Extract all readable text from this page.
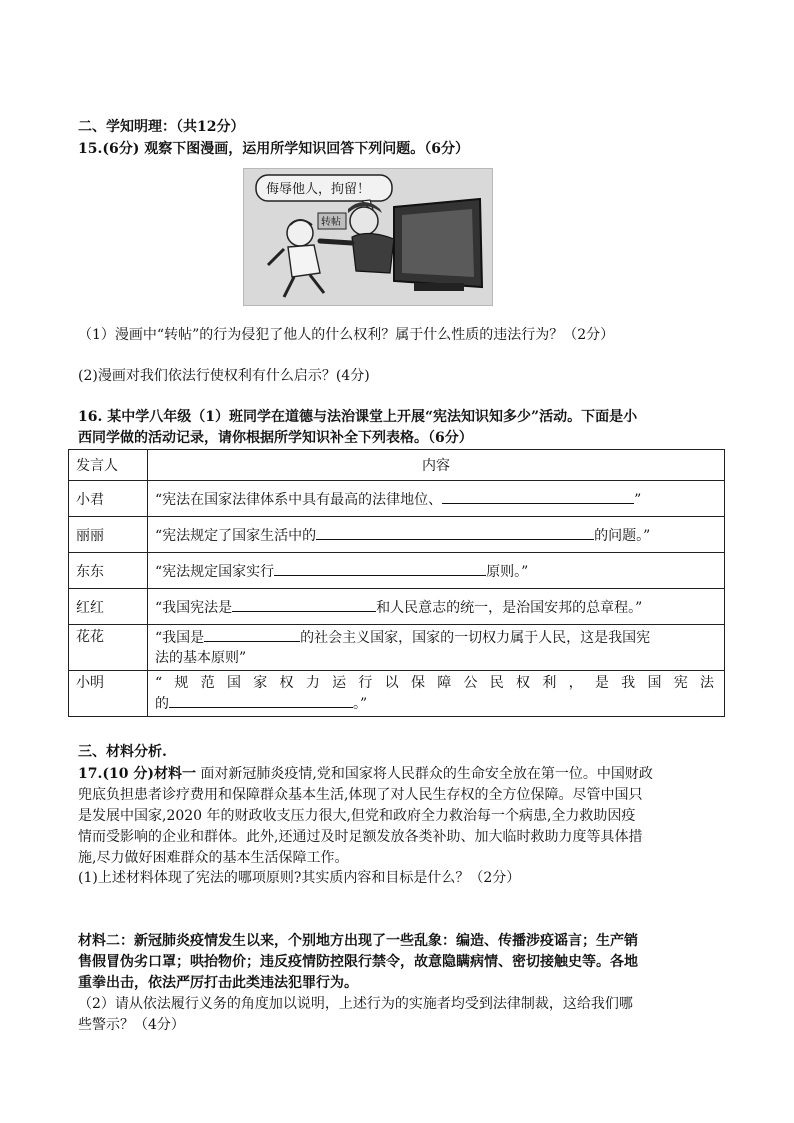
二、学知明理：（共12分）
15.(6分) 观察下图漫画，运用所学知识回答下列问题。（6分）
侮辱他人，拘留！
转帖
（1）漫画中“转帖”的行为侵犯了他人的什么权利？属于什么性质的违法行为？（2分）
(2)漫画对我们依法行使权利有什么启示？(4分)
16. 某中学八年级（1）班同学在道德与法治课堂上开展“宪法知识知多少”活动。下面是小
西同学做的活动记录，请你根据所学知识补全下列表格。（6分）
发言人	内容
小君	“宪法在国家法律体系中具有最高的法律地位、 ”
丽丽	“宪法规定了国家生活中的 的问题。”
东东	“宪法规定国家实行 原则。”
红红	“我国宪法是 和人民意志的统一，是治国安邦的总章程。”
花花	“我国是 的社会主义国家，国家的一切权力属于人民，这是我国宪
法的基本原则”

小明	“规范国家权力运行以保障公民权利，是我国宪法
的 。”
三、材料分析.
17.(10 分)材料一 面对新冠肺炎疫情,党和国家将人民群众的生命安全放在第一位。中国财政
兜底负担患者诊疗费用和保障群众基本生活,体现了对人民生存权的全方位保障。尽管中国只
是发展中国家,2020 年的财政收支压力很大,但党和政府全力救治每一个病患,全力救助因疫
情而受影响的企业和群体。此外,还通过及时足额发放各类补助、加大临时救助力度等具体措
施,尽力做好困难群众的基本生活保障工作。
(1)上述材料体现了宪法的哪项原则?其实质内容和目标是什么？（2分）
材料二：新冠肺炎疫情发生以来，个别地方出现了一些乱象：编造、传播涉疫谣言；生产销
售假冒伪劣口罩；哄抬物价；违反疫情防控限行禁令，故意隐瞒病情、密切接触史等。各地
重拳出击，依法严厉打击此类违法犯罪行为。
（2）请从依法履行义务的角度加以说明，上述行为的实施者均受到法律制裁，这给我们哪
些警示？（4分）
